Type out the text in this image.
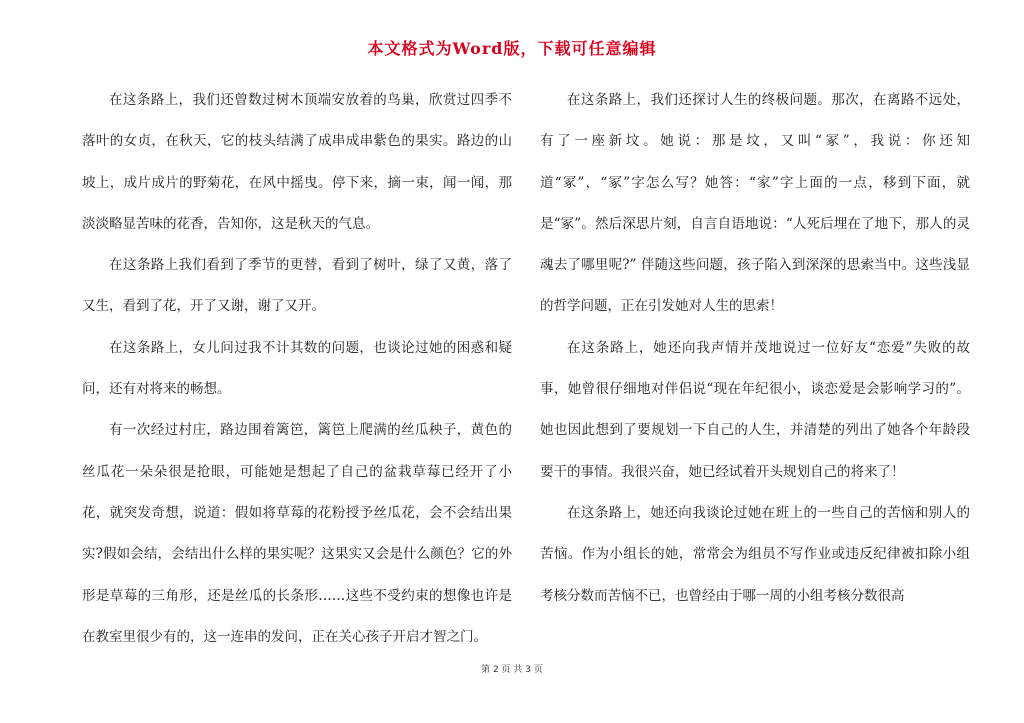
本文格式为Word版，下载可任意编辑

在这条路上，我们还曾数过树木顶端安放着的鸟巢，欣赏过四季不落叶的女贞，在秋天，它的枝头结满了成串成串紫色的果实。路边的山坡上，成片成片的野菊花，在风中摇曳。停下来，摘一束，闻一闻，那淡淡略显苦味的花香，告知你，这是秋天的气息。

在这条路上我们看到了季节的更替，看到了树叶，绿了又黄，落了又生，看到了花，开了又谢，谢了又开。

在这条路上，女儿问过我不计其数的问题，也谈论过她的困惑和疑问，还有对将来的畅想。

有一次经过村庄，路边围着篱笆，篱笆上爬满的丝瓜秧子，黄色的丝瓜花一朵朵很是抢眼，可能她是想起了自己的盆栽草莓已经开了小花，就突发奇想，说道：假如将草莓的花粉授予丝瓜花，会不会结出果实?假如会结，会结出什么样的果实呢？这果实又会是什么颜色？它的外形是草莓的三角形，还是丝瓜的长条形……这些不受约束的想像也许是在教室里很少有的，这一连串的发问，正在关心孩子开启才智之门。

在这条路上，我们还探讨人生的终极问题。那次，在离路不远处，有了一座新坟。她说：那是坟，又叫“冢”，我说：你还知道“冢”，“冢”字怎么写？她答：“家”字上面的一点，移到下面，就是“冢”。然后深思片刻，自言自语地说：“人死后埋在了地下，那人的灵魂去了哪里呢?” 伴随这些问题，孩子陷入到深深的思索当中。这些浅显的哲学问题，正在引发她对人生的思索！

在这条路上，她还向我声情并茂地说过一位好友“恋爱”失败的故事，她曾很仔细地对伴侣说“现在年纪很小，谈恋爱是会影响学习的”。她也因此想到了要规划一下自己的人生，并清楚的列出了她各个年龄段要干的事情。我很兴奋，她已经试着开头规划自己的将来了！

在这条路上，她还向我谈论过她在班上的一些自己的苦恼和别人的苦恼。作为小组长的她，常常会为组员不写作业或违反纪律被扣除小组考核分数而苦恼不已，也曾经由于哪一周的小组考核分数很高

第 2 页 共 3 页
